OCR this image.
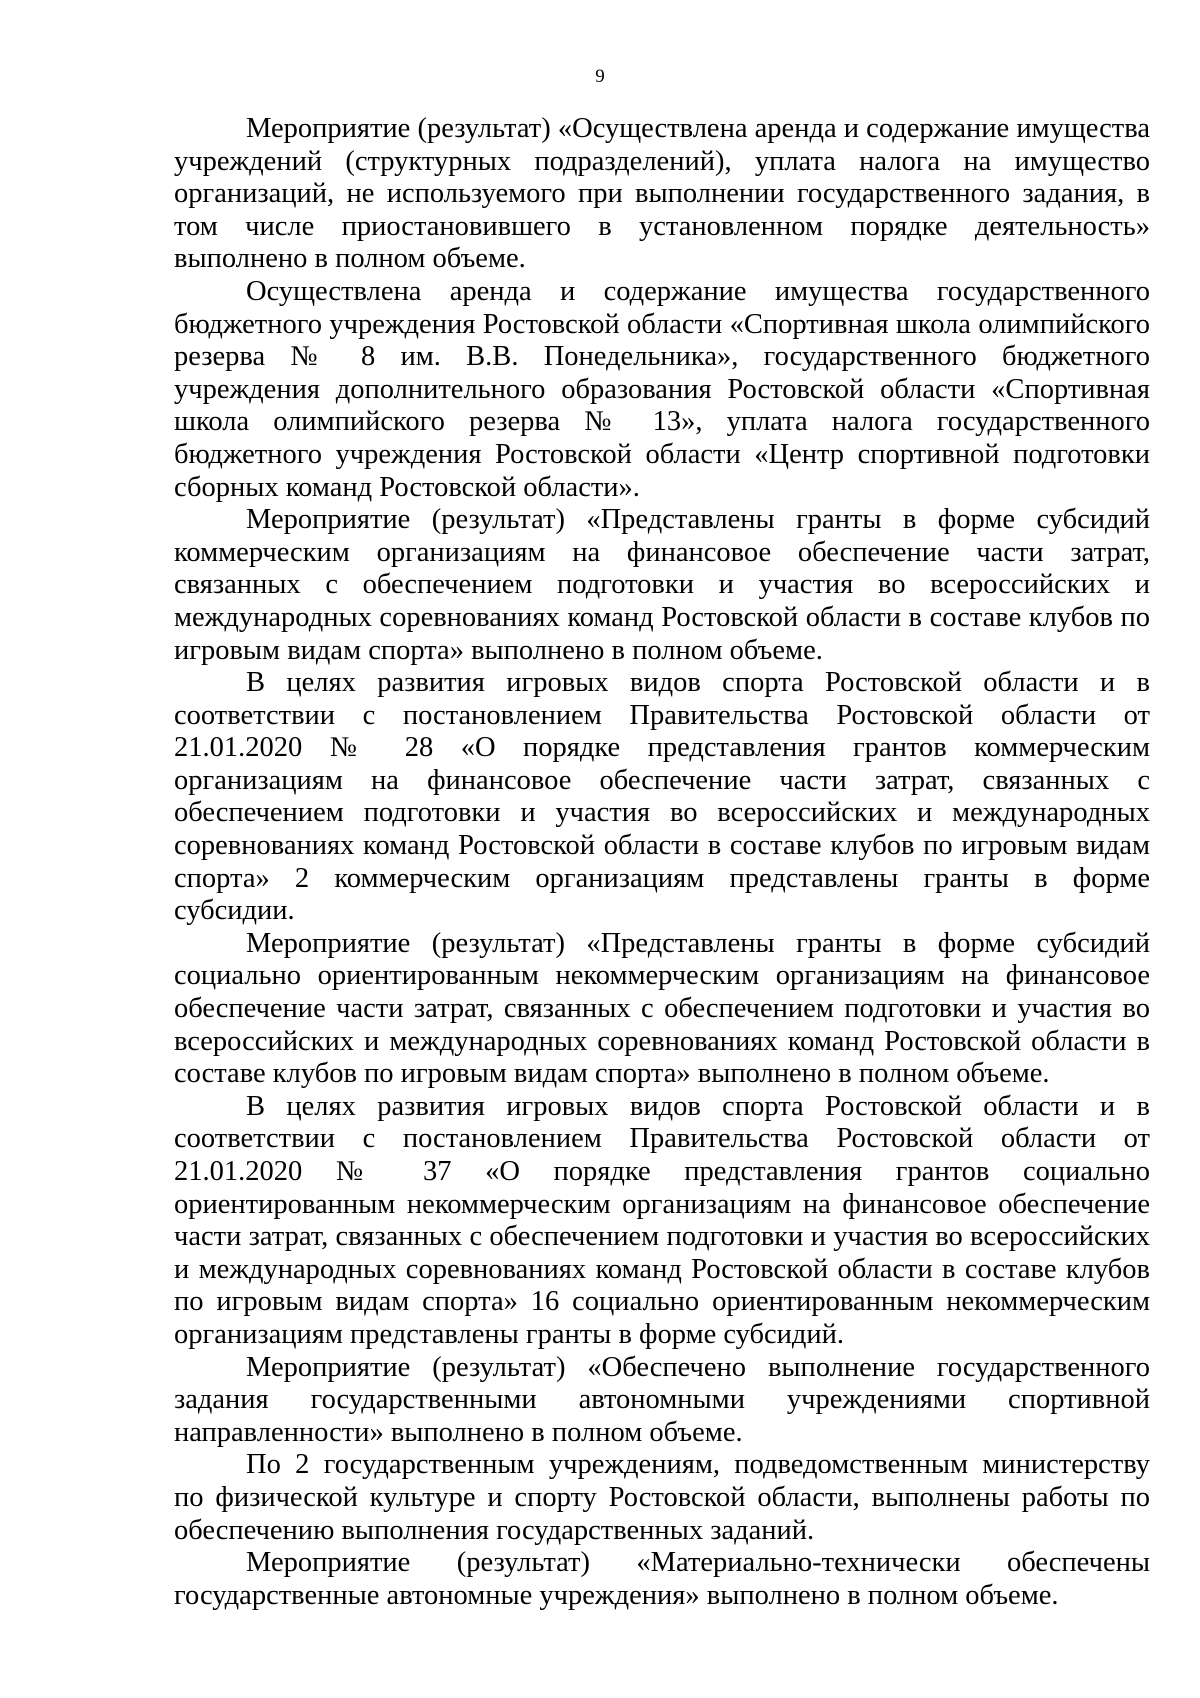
9

Мероприятие (результат) «Осуществлена аренда и содержание имущества учреждений (структурных подразделений), уплата налога на имущество организаций, не используемого при выполнении государственного задания, в том числе приостановившего в установленном порядке деятельность» выполнено в полном объеме.

Осуществлена аренда и содержание имущества государственного бюджетного учреждения Ростовской области «Спортивная школа олимпийского резерва № 8 им. В.В. Понедельника», государственного бюджетного учреждения дополнительного образования Ростовской области «Спортивная школа олимпийского резерва № 13», уплата налога государственного бюджетного учреждения Ростовской области «Центр спортивной подготовки сборных команд Ростовской области».

Мероприятие (результат) «Представлены гранты в форме субсидий коммерческим организациям на финансовое обеспечение части затрат, связанных с обеспечением подготовки и участия во всероссийских и международных соревнованиях команд Ростовской области в составе клубов по игровым видам спорта» выполнено в полном объеме.

В целях развития игровых видов спорта Ростовской области и в соответствии с постановлением Правительства Ростовской области от 21.01.2020 № 28 «О порядке представления грантов коммерческим организациям на финансовое обеспечение части затрат, связанных с обеспечением подготовки и участия во всероссийских и международных соревнованиях команд Ростовской области в составе клубов по игровым видам спорта» 2 коммерческим организациям представлены гранты в форме субсидии.

Мероприятие (результат) «Представлены гранты в форме субсидий социально ориентированным некоммерческим организациям на финансовое обеспечение части затрат, связанных с обеспечением подготовки и участия во всероссийских и международных соревнованиях команд Ростовской области в составе клубов по игровым видам спорта» выполнено в полном объеме.

В целях развития игровых видов спорта Ростовской области и в соответствии с постановлением Правительства Ростовской области от 21.01.2020 № 37 «О порядке представления грантов социально ориентированным некоммерческим организациям на финансовое обеспечение части затрат, связанных с обеспечением подготовки и участия во всероссийских и международных соревнованиях команд Ростовской области в составе клубов по игровым видам спорта» 16 социально ориентированным некоммерческим организациям представлены гранты в форме субсидий.

Мероприятие (результат) «Обеспечено выполнение государственного задания государственными автономными учреждениями спортивной направленности» выполнено в полном объеме.

По 2 государственным учреждениям, подведомственным министерству по физической культуре и спорту Ростовской области, выполнены работы по обеспечению выполнения государственных заданий.

Мероприятие (результат) «Материально-технически обеспечены государственные автономные учреждения» выполнено в полном объеме.
